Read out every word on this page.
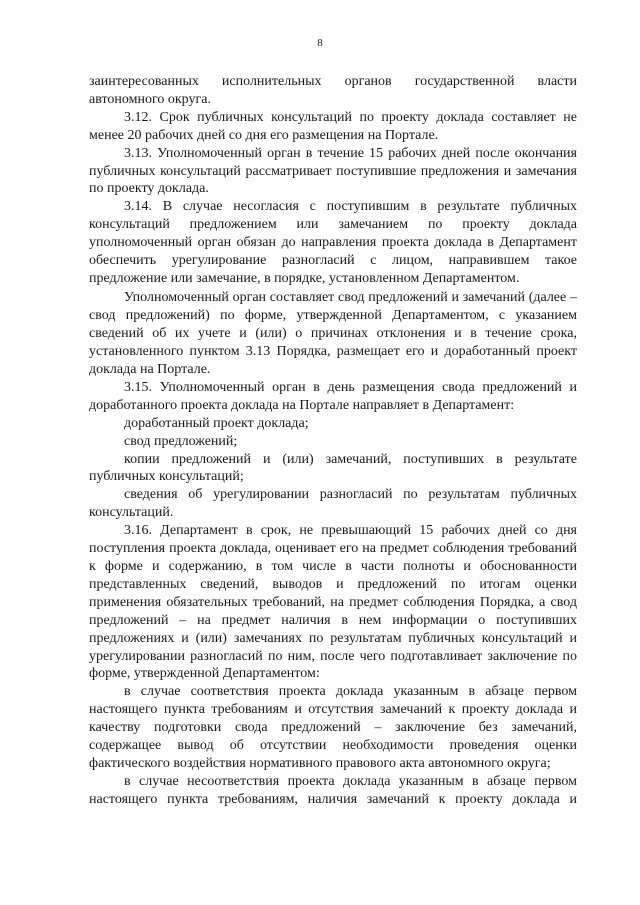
8

заинтересованных исполнительных органов государственной власти автономного округа.

3.12. Срок публичных консультаций по проекту доклада составляет не менее 20 рабочих дней со дня его размещения на Портале.

3.13. Уполномоченный орган в течение 15 рабочих дней после окончания публичных консультаций рассматривает поступившие предложения и замечания по проекту доклада.

3.14. В случае несогласия с поступившим в результате публичных консультаций предложением или замечанием по проекту доклада уполномоченный орган обязан до направления проекта доклада в Департамент обеспечить урегулирование разногласий с лицом, направившем такое предложение или замечание, в порядке, установленном Департаментом.

Уполномоченный орган составляет свод предложений и замечаний (далее – свод предложений) по форме, утвержденной Департаментом, с указанием сведений об их учете и (или) о причинах отклонения и в течение срока, установленного пунктом 3.13 Порядка, размещает его и доработанный проект доклада на Портале.

3.15. Уполномоченный орган в день размещения свода предложений и доработанного проекта доклада на Портале направляет в Департамент:

доработанный проект доклада;

свод предложений;

копии предложений и (или) замечаний, поступивших в результате публичных консультаций;

сведения об урегулировании разногласий по результатам публичных консультаций.

3.16. Департамент в срок, не превышающий 15 рабочих дней со дня поступления проекта доклада, оценивает его на предмет соблюдения требований к форме и содержанию, в том числе в части полноты и обоснованности представленных сведений, выводов и предложений по итогам оценки применения обязательных требований, на предмет соблюдения Порядка, а свод предложений – на предмет наличия в нем информации о поступивших предложениях и (или) замечаниях по результатам публичных консультаций и урегулировании разногласий по ним, после чего подготавливает заключение по форме, утвержденной Департаментом:

в случае соответствия проекта доклада указанным в абзаце первом настоящего пункта требованиям и отсутствия замечаний к проекту доклада и качеству подготовки свода предложений – заключение без замечаний, содержащее вывод об отсутствии необходимости проведения оценки фактического воздействия нормативного правового акта автономного округа;

в случае несоответствия проекта доклада указанным в абзаце первом настоящего пункта требованиям, наличия замечаний к проекту доклада и
